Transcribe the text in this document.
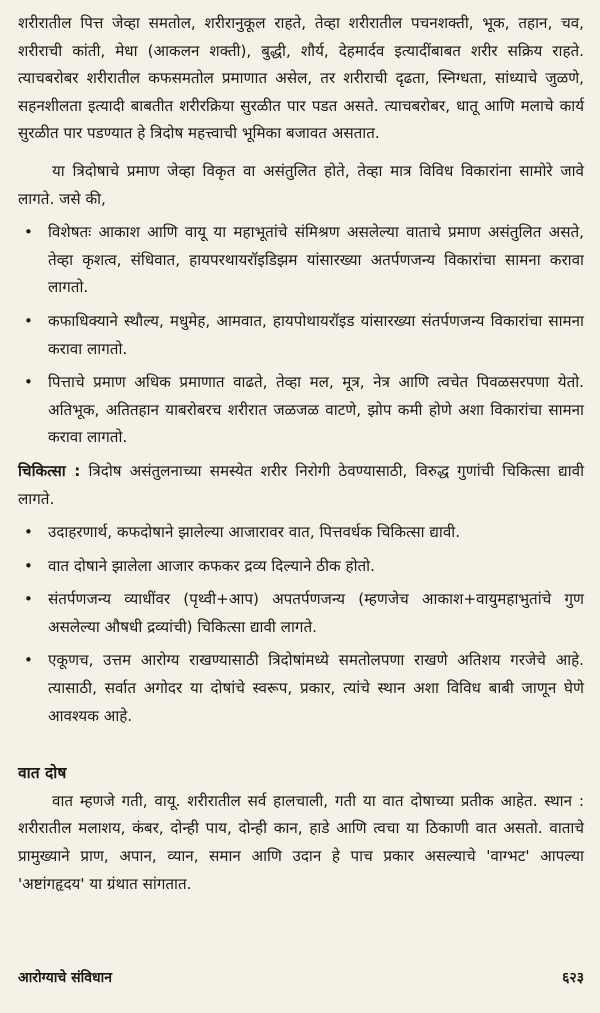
शरीरातील पित्त जेव्हा समतोल, शरीरानुकूल राहते, तेव्हा शरीरातील पचनशक्ती, भूक, तहान, चव, शरीराची कांती, मेधा (आकलन शक्ती), बुद्धी, शौर्य, देहमार्दव इत्यादींबाबत शरीर सक्रिय राहते. त्याचबरोबर शरीरातील कफसमतोल प्रमाणात असेल, तर शरीराची दृढता, स्निग्धता, सांध्याचे जुळणे, सहनशीलता इत्यादी बाबतीत शरीरक्रिया सुरळीत पार पडत असते. त्याचबरोबर, धातू आणि मलाचे कार्य सुरळीत पार पडण्यात हे त्रिदोष महत्त्वाची भूमिका बजावत असतात.

या त्रिदोषाचे प्रमाण जेव्हा विकृत वा असंतुलित होते, तेव्हा मात्र विविध विकारांना सामोरे जावे लागते. जसे की,

• विशेषतः आकाश आणि वायू या महाभूतांचे संमिश्रण असलेल्या वाताचे प्रमाण असंतुलित असते, तेव्हा कृशत्व, संधिवात, हायपरथायरॉइडिझम यांसारख्या अतर्पणजन्य विकारांचा सामना करावा लागतो.
• कफाधिक्याने स्थौल्य, मधुमेह, आमवात, हायपोथायरॉइड यांसारख्या संतर्पणजन्य विकारांचा सामना करावा लागतो.
• पित्ताचे प्रमाण अधिक प्रमाणात वाढते, तेव्हा मल, मूत्र, नेत्र आणि त्वचेत पिवळसरपणा येतो. अतिभूक, अतितहान याबरोबरच शरीरात जळजळ वाटणे, झोप कमी होणे अशा विकारांचा सामना करावा लागतो.

चिकित्सा : त्रिदोष असंतुलनाच्या समस्येत शरीर निरोगी ठेवण्यासाठी, विरुद्ध गुणांची चिकित्सा द्यावी लागते.

• उदाहरणार्थ, कफदोषाने झालेल्या आजारावर वात, पित्तवर्धक चिकित्सा द्यावी.
• वात दोषाने झालेला आजार कफकर द्रव्य दिल्याने ठीक होतो.
• संतर्पणजन्य व्याधींवर (पृथ्वी+आप) अपतर्पणजन्य (म्हणजेच आकाश+वायुमहाभुतांचे गुण असलेल्या औषधी द्रव्यांची) चिकित्सा द्यावी लागते.
• एकूणच, उत्तम आरोग्य राखण्यासाठी त्रिदोषांमध्ये समतोलपणा राखणे अतिशय गरजेचे आहे. त्यासाठी, सर्वात अगोदर या दोषांचे स्वरूप, प्रकार, त्यांचे स्थान अशा विविध बाबी जाणून घेणे आवश्यक आहे.

वात दोष

वात म्हणजे गती, वायू. शरीरातील सर्व हालचाली, गती या वात दोषाच्या प्रतीक आहेत. स्थान : शरीरातील मलाशय, कंबर, दोन्ही पाय, दोन्ही कान, हाडे आणि त्वचा या ठिकाणी वात असतो. वाताचे प्रामुख्याने प्राण, अपान, व्यान, समान आणि उदान हे पाच प्रकार असल्याचे 'वाग्भट' आपल्या 'अष्टांगहृदय' या ग्रंथात सांगतात.

आरोग्याचे संविधान	६२३
